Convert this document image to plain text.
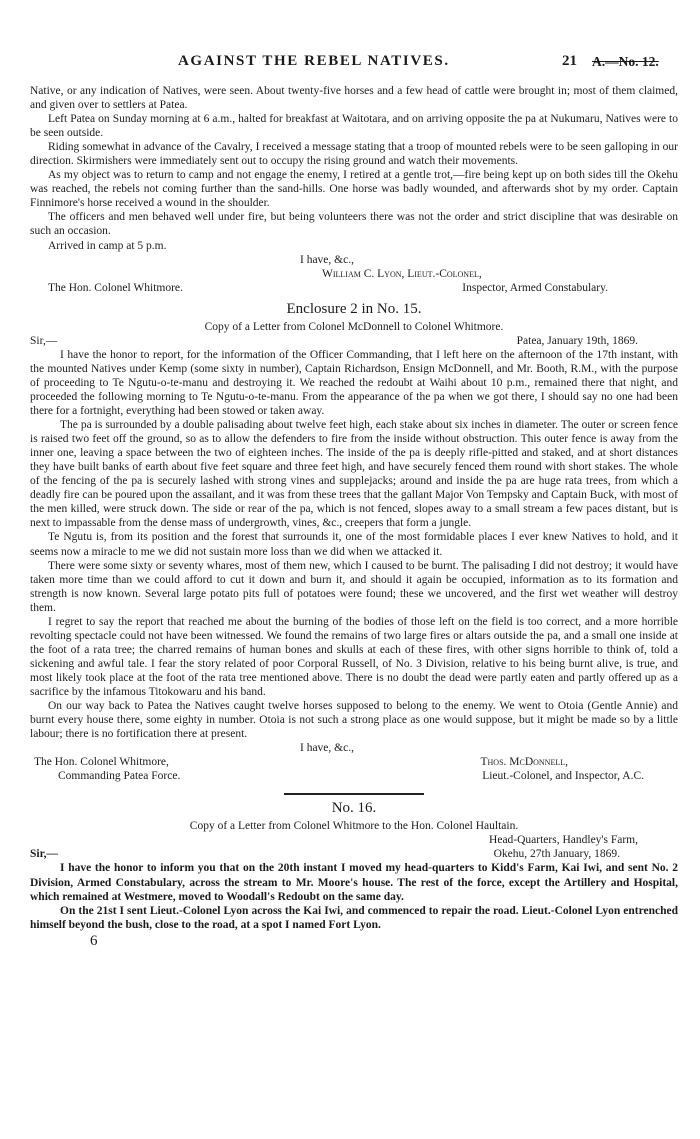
AGAINST THE REBEL NATIVES.	21 A.—No. 12.

Native, or any indication of Natives, were seen. About twenty-five horses and a few head of cattle were brought in; most of them claimed, and given over to settlers at Patea.

Left Patea on Sunday morning at 6 a.m., halted for breakfast at Waitotara, and on arriving opposite the pa at Nukumaru, Natives were to be seen outside.

Riding somewhat in advance of the Cavalry, I received a message stating that a troop of mounted rebels were to be seen galloping in our direction. Skirmishers were immediately sent out to occupy the rising ground and watch their movements.

As my object was to return to camp and not engage the enemy, I retired at a gentle trot,—fire being kept up on both sides till the Okehu was reached, the rebels not coming further than the sand-hills. One horse was badly wounded, and afterwards shot by my order. Captain Finnimore's horse received a wound in the shoulder.

The officers and men behaved well under fire, but being volunteers there was not the order and strict discipline that was desirable on such an occasion.

Arrived in camp at 5 p.m.

I have, &c.,
William C. Lyon, Lieut.-Colonel,
The Hon. Colonel Whitmore.	Inspector, Armed Constabulary.
Enclosure 2 in No. 15.
Copy of a Letter from Colonel McDonnell to Colonel Whitmore.
Sir,—	Patea, January 19th, 1869.

I have the honor to report, for the information of the Officer Commanding, that I left here on the afternoon of the 17th instant, with the mounted Natives under Kemp (some sixty in number), Captain Richardson, Ensign McDonnell, and Mr. Booth, R.M., with the purpose of proceeding to Te Ngutu-o-te-manu and destroying it. We reached the redoubt at Waihi about 10 p.m., remained there that night, and proceeded the following morning to Te Ngutu-o-te-manu. From the appearance of the pa when we got there, I should say no one had been there for a fortnight, everything had been stowed or taken away.

The pa is surrounded by a double palisading about twelve feet high, each stake about six inches in diameter. The outer or screen fence is raised two feet off the ground, so as to allow the defenders to fire from the inside without obstruction. This outer fence is away from the inner one, leaving a space between the two of eighteen inches. The inside of the pa is deeply rifle-pitted and staked, and at short distances they have built banks of earth about five feet square and three feet high, and have securely fenced them round with short stakes. The whole of the fencing of the pa is securely lashed with strong vines and supplejacks; around and inside the pa are huge rata trees, from which a deadly fire can be poured upon the assailant, and it was from these trees that the gallant Major Von Tempsky and Captain Buck, with most of the men killed, were struck down. The side or rear of the pa, which is not fenced, slopes away to a small stream a few paces distant, but is next to impassable from the dense mass of undergrowth, vines, &c., creepers that form a jungle.

Te Ngutu is, from its position and the forest that surrounds it, one of the most formidable places I ever knew Natives to hold, and it seems now a miracle to me we did not sustain more loss than we did when we attacked it.

There were some sixty or seventy whares, most of them new, which I caused to be burnt. The palisading I did not destroy; it would have taken more time than we could afford to cut it down and burn it, and should it again be occupied, information as to its formation and strength is now known. Several large potato pits full of potatoes were found; these we uncovered, and the first wet weather will destroy them.

I regret to say the report that reached me about the burning of the bodies of those left on the field is too correct, and a more horrible revolting spectacle could not have been witnessed. We found the remains of two large fires or altars outside the pa, and a small one inside at the foot of a rata tree; the charred remains of human bones and skulls at each of these fires, with other signs horrible to think of, told a sickening and awful tale. I fear the story related of poor Corporal Russell, of No. 3 Division, relative to his being burnt alive, is true, and most likely took place at the foot of the rata tree mentioned above. There is no doubt the dead were partly eaten and partly offered up as a sacrifice by the infamous Titokowaru and his band.

On our way back to Patea the Natives caught twelve horses supposed to belong to the enemy. We went to Otoia (Gentle Annie) and burnt every house there, some eighty in number. Otoia is not such a strong place as one would suppose, but it might be made so by a little labour; there is no fortification there at present.

I have, &c.,
The Hon. Colonel Whitmore,	Thos. McDonnell,
Commanding Patea Force.	Lieut.-Colonel, and Inspector, A.C.
No. 16.
Copy of a Letter from Colonel Whitmore to the Hon. Colonel Haultain.
Head-Quarters, Handley's Farm,
Sir,—	Okehu, 27th January, 1869.

I have the honor to inform you that on the 20th instant I moved my head-quarters to Kidd's Farm, Kai Iwi, and sent No. 2 Division, Armed Constabulary, across the stream to Mr. Moore's house. The rest of the force, except the Artillery and Hospital, which remained at Westmere, moved to Woodall's Redoubt on the same day.

On the 21st I sent Lieut.-Colonel Lyon across the Kai Iwi, and commenced to repair the road. Lieut.-Colonel Lyon entrenched himself beyond the bush, close to the road, at a spot I named Fort Lyon.

6
